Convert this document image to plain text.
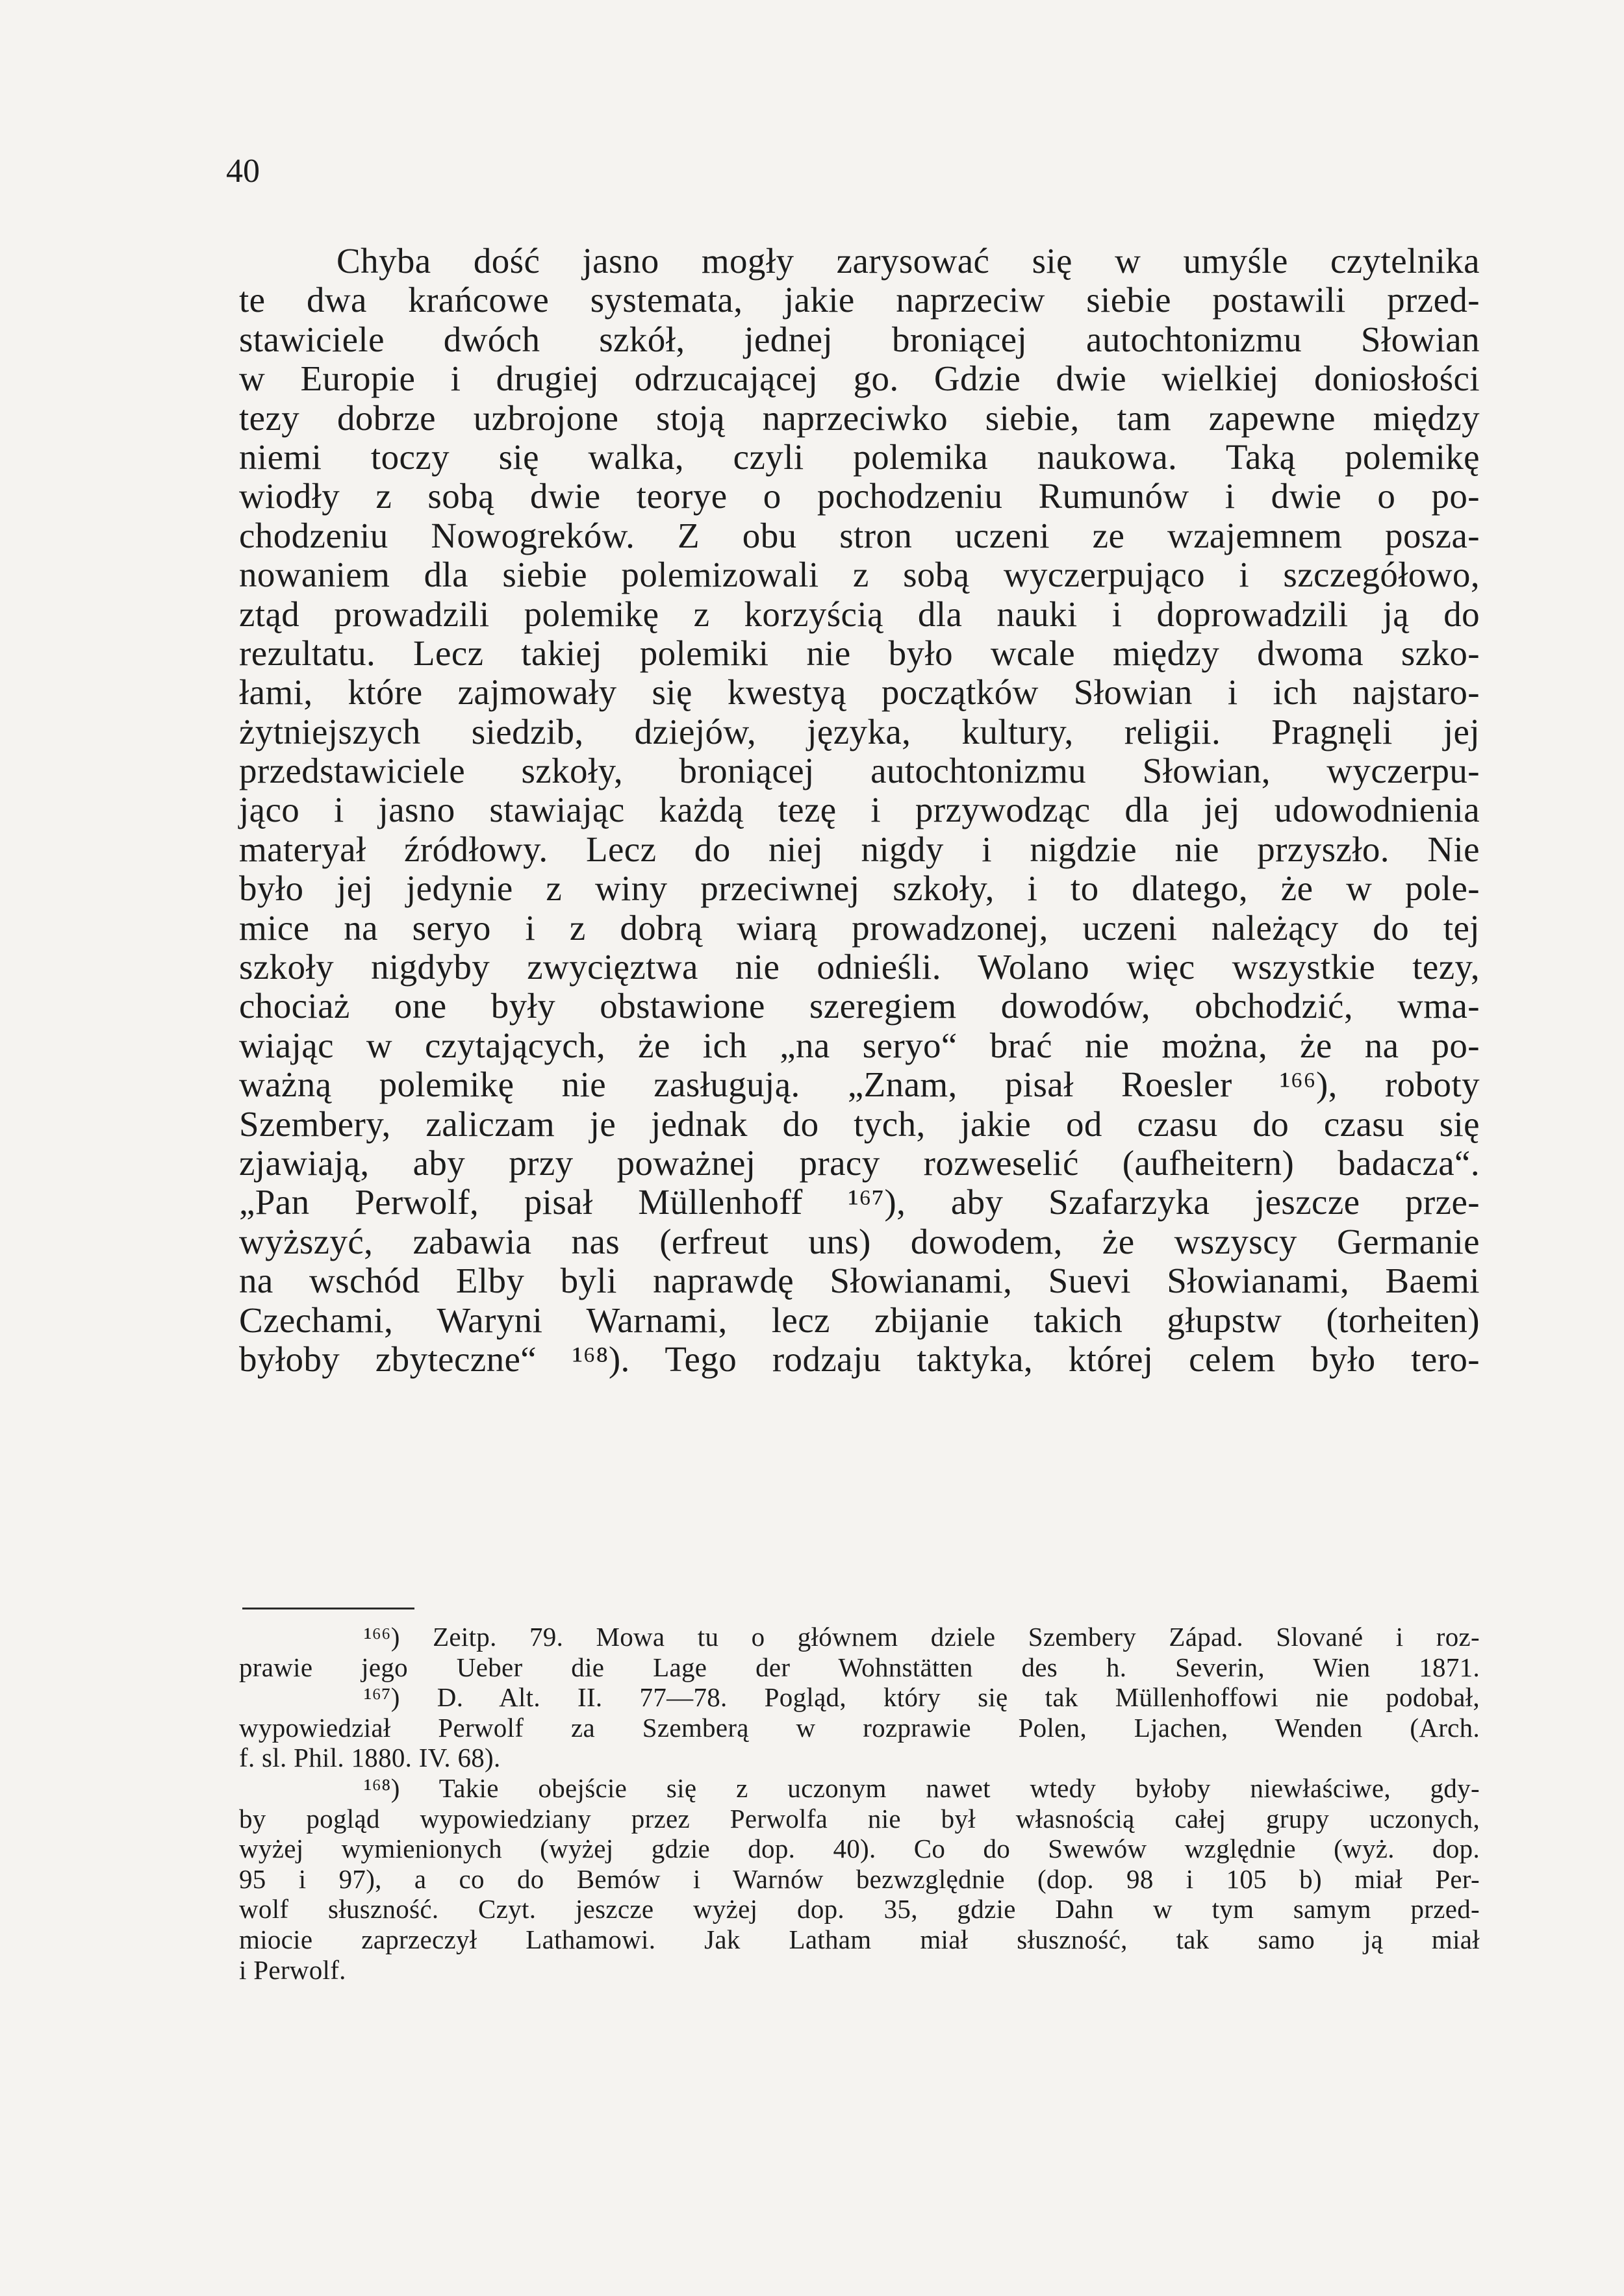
40
Chyba dość jasno mogły zarysować się w umyśle czytelnika
te dwa krańcowe systemata, jakie naprzeciw siebie postawili przed-
stawiciele dwóch szkół, jednej broniącej autochtonizmu Słowian
w Europie i drugiej odrzucającej go. Gdzie dwie wielkiej doniosłości
tezy dobrze uzbrojone stoją naprzeciwko siebie, tam zapewne między
niemi toczy się walka, czyli polemika naukowa. Taką polemikę
wiodły z sobą dwie teorye o pochodzeniu Rumunów i dwie o po-
chodzeniu Nowogreków. Z obu stron uczeni ze wzajemnem posza-
nowaniem dla siebie polemizowali z sobą wyczerpująco i szczegółowo,
ztąd prowadzili polemikę z korzyścią dla nauki i doprowadzili ją do
rezultatu. Lecz takiej polemiki nie było wcale między dwoma szko-
łami, które zajmowały się kwestyą początków Słowian i ich najstaro-
żytniejszych siedzib, dziejów, języka, kultury, religii. Pragnęli jej
przedstawiciele szkoły, broniącej autochtonizmu Słowian, wyczerpu-
jąco i jasno stawiając każdą tezę i przywodząc dla jej udowodnienia
materyał źródłowy. Lecz do niej nigdy i nigdzie nie przyszło. Nie
było jej jedynie z winy przeciwnej szkoły, i to dlatego, że w pole-
mice na seryo i z dobrą wiarą prowadzonej, uczeni należący do tej
szkoły nigdyby zwycięztwa nie odnieśli. Wolano więc wszystkie tezy,
chociaż one były obstawione szeregiem dowodów, obchodzić, wma-
wiając w czytających, że ich „na seryo“ brać nie można, że na po-
ważną polemikę nie zasługują. „Znam, pisał Roesler ¹⁶⁶), roboty
Szembery, zaliczam je jednak do tych, jakie od czasu do czasu się
zjawiają, aby przy poważnej pracy rozweselić (aufheitern) badacza“.
„Pan Perwolf, pisał Müllenhoff ¹⁶⁷), aby Szafarzyka jeszcze prze-
wyższyć, zabawia nas (erfreut uns) dowodem, że wszyscy Germanie
na wschód Elby byli naprawdę Słowianami, Suevi Słowianami, Baemi
Czechami, Waryni Warnami, lecz zbijanie takich głupstw (torheiten)
byłoby zbyteczne“ ¹⁶⁸). Tego rodzaju taktyka, której celem było tero-
¹⁶⁶) Zeitp. 79. Mowa tu o głównem dziele Szembery Západ. Slované i roz-
prawie jego Ueber die Lage der Wohnstätten des h. Severin, Wien 1871.
¹⁶⁷) D. Alt. II. 77—78. Pogląd, który się tak Müllenhoffowi nie podobał,
wypowiedział Perwolf za Szemberą w rozprawie Polen, Ljachen, Wenden (Arch.
f. sl. Phil. 1880. IV. 68).
¹⁶⁸) Takie obejście się z uczonym nawet wtedy byłoby niewłaściwe, gdy-
by pogląd wypowiedziany przez Perwolfa nie był własnością całej grupy uczonych,
wyżej wymienionych (wyżej gdzie dop. 40). Co do Swewów względnie (wyż. dop.
95 i 97), a co do Bemów i Warnów bezwzględnie (dop. 98 i 105 b) miał Per-
wolf słuszność. Czyt. jeszcze wyżej dop. 35, gdzie Dahn w tym samym przed-
miocie zaprzeczył Lathamowi. Jak Latham miał słuszność, tak samo ją miał
i Perwolf.
